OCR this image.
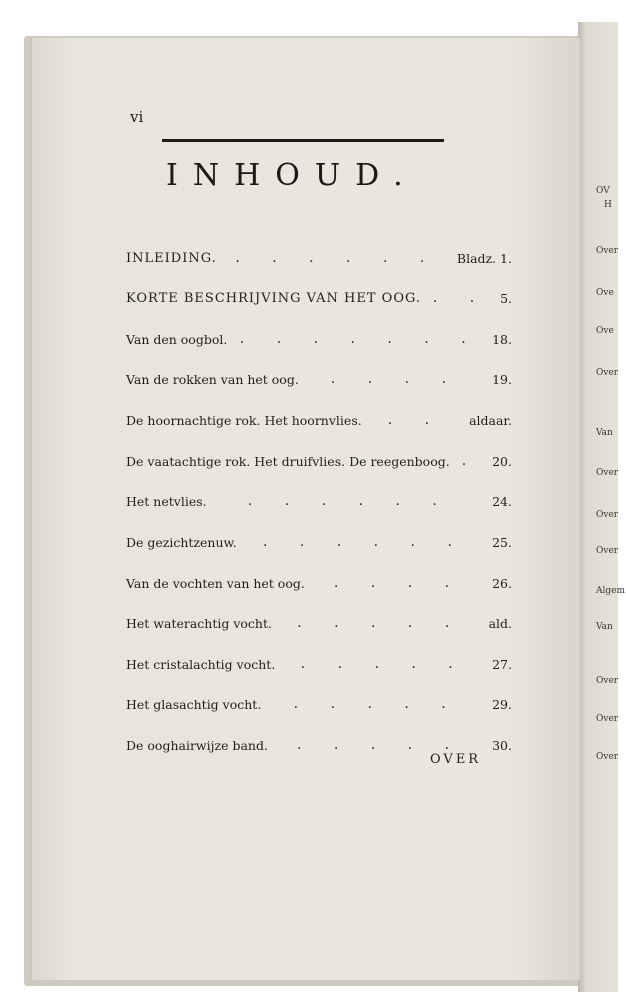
vi
INHOUD.
INLEIDING.	. . . . . .	Bladz. 1.
KORTE BESCHRIJVING VAN HET OOG. . . 5.
Van den oogbol. . . . . . . . 18.
Van de rokken van het oog.	. . . .	19.
De hoornachtige rok. Het hoornvlies.	. .	aldaar.
De vaatachtige rok. Het druifvlies. De reegenboog. . 20.
Het netvlies.	. . . . . .	24.
De gezichtzenuw.	. . . . . .	25.
Van de vochten van het oog.	. . . .	26.
Het waterachtig vocht.	. . . . .	ald.
Het cristalachtig vocht.	. . . . .	27.
Het glasachtig vocht.	. . . . .	29.
De ooghairwijze band.	. . . . .	30.
OVER
OV
H
Over
Ove
Ove
Over
Van
Over
Over
Over
Algem
Van
Over
Over
Over
